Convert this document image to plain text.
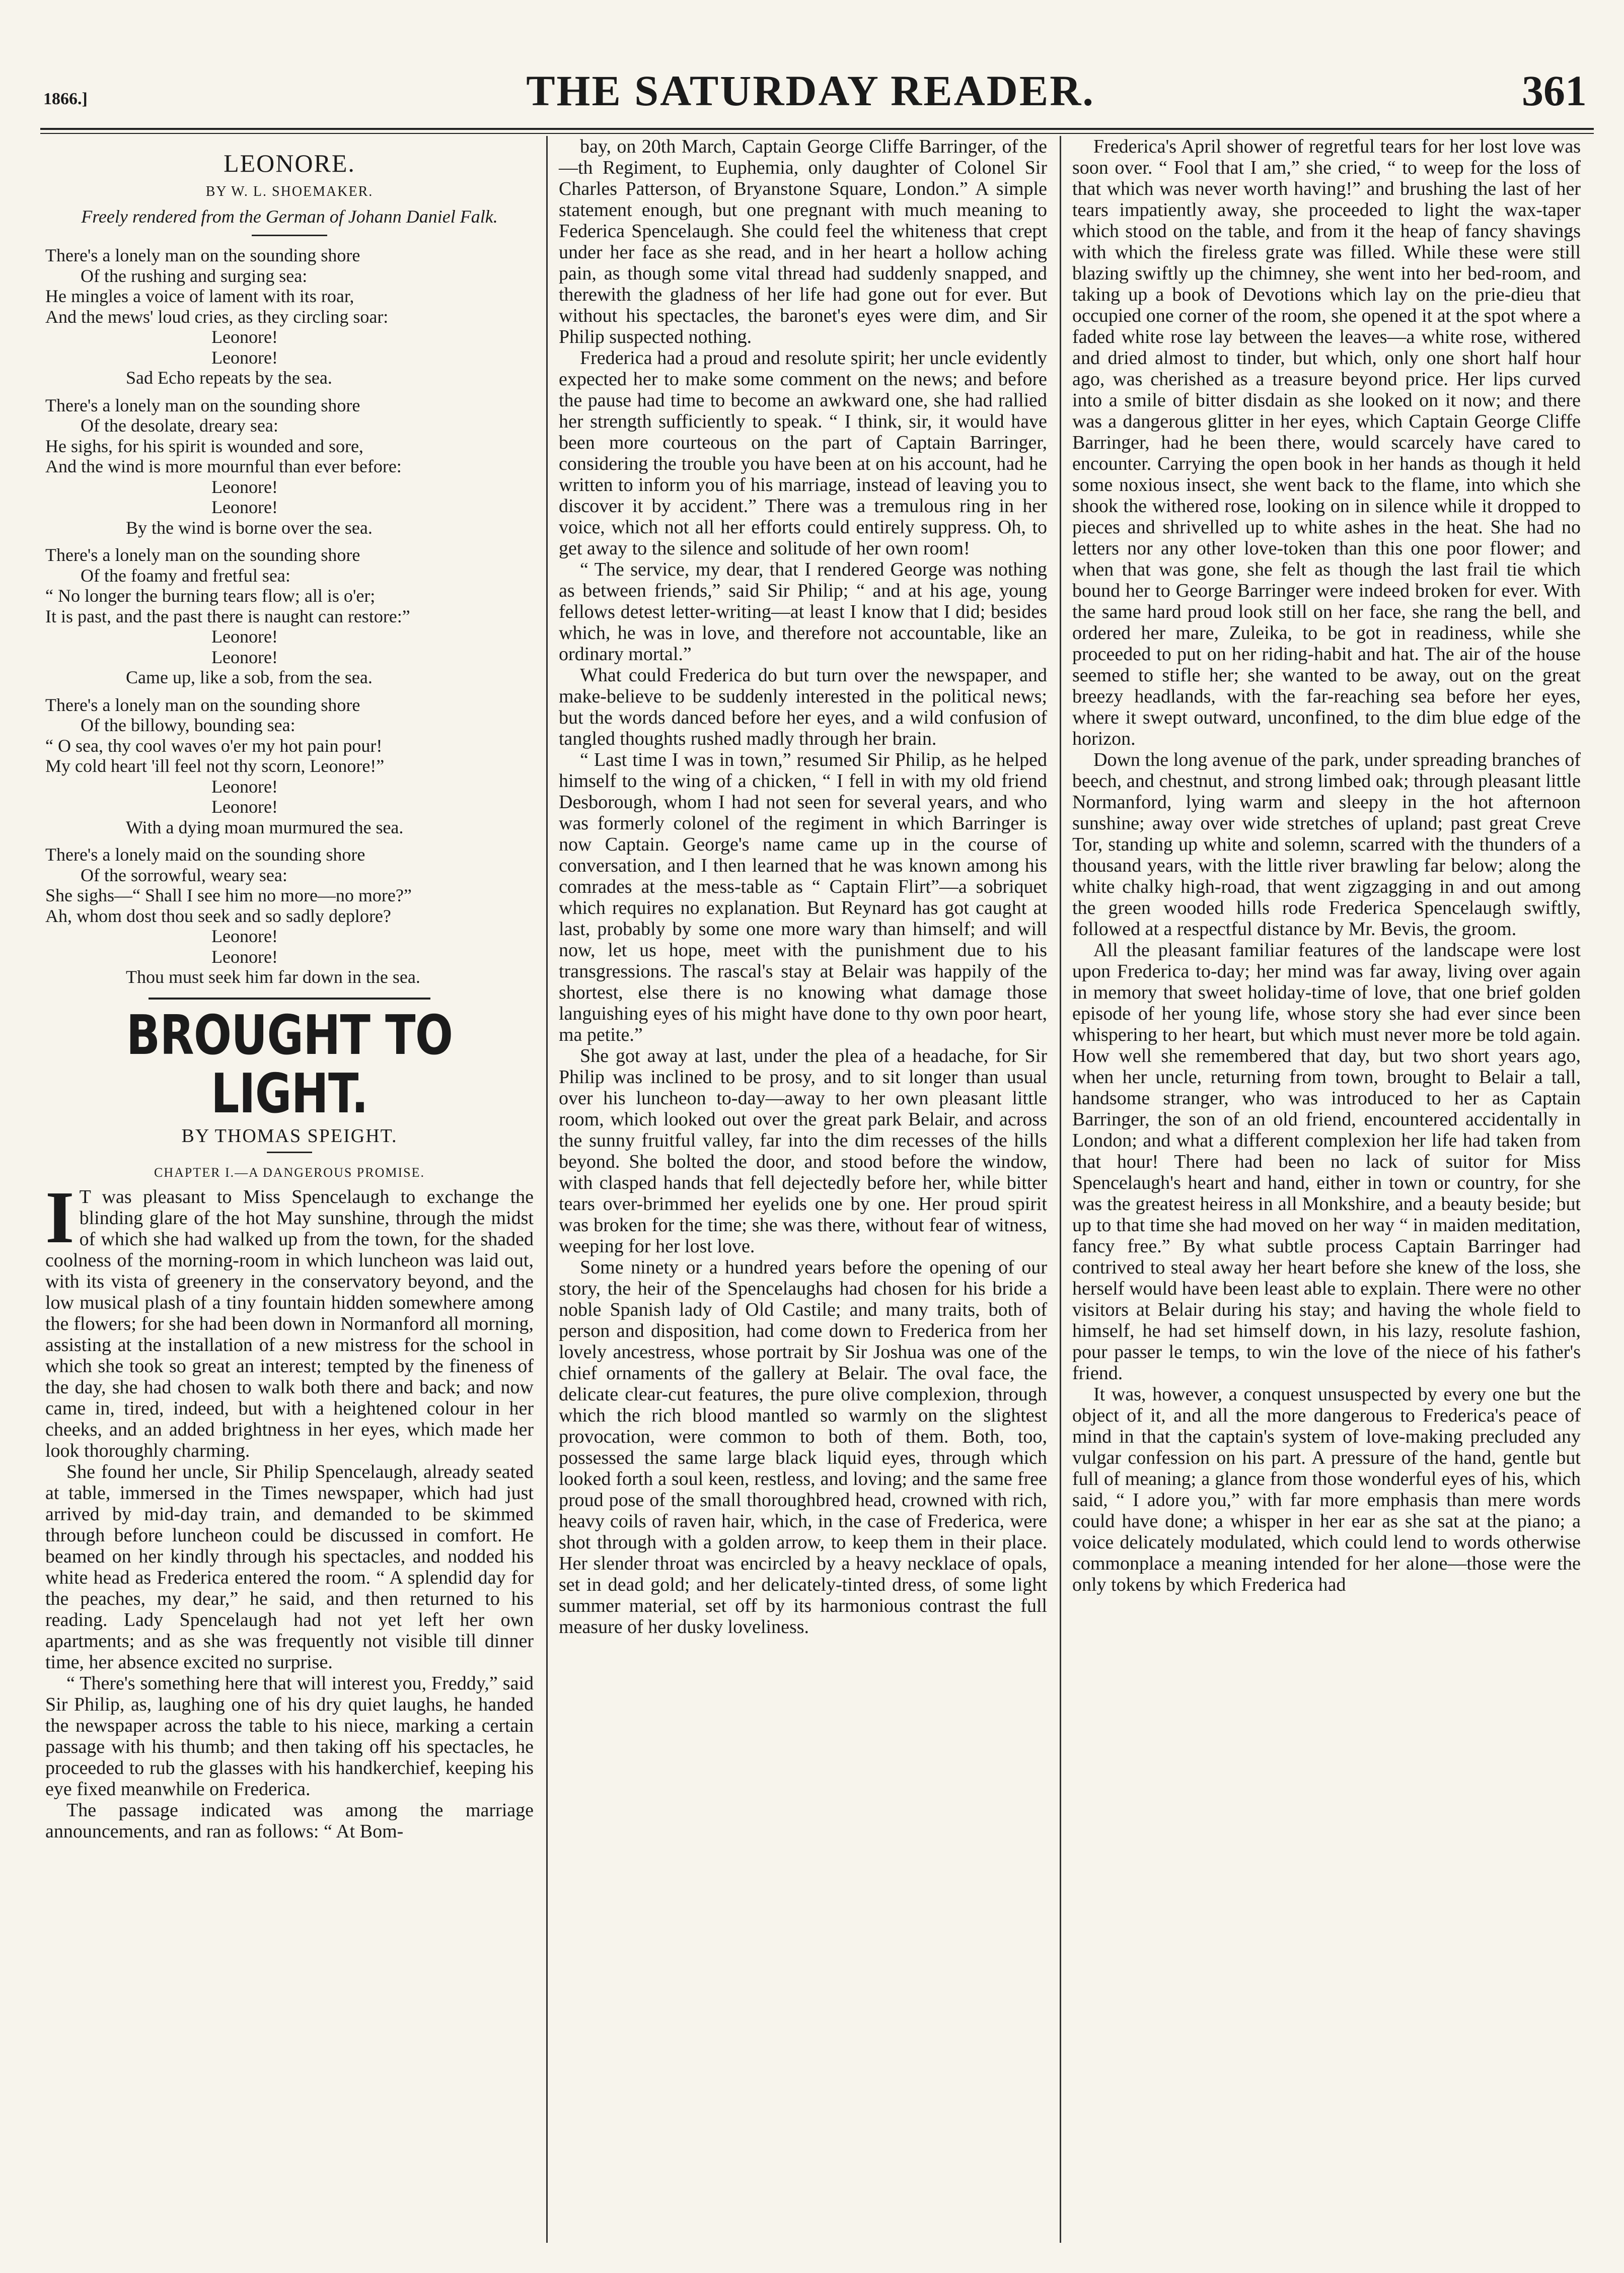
1866.]	THE SATURDAY READER.	361
LEONORE.
BY W. L. SHOEMAKER.
Freely rendered from the German of Johann Daniel Falk.
There's a lonely man on the sounding shore
Of the rushing and surging sea:
He mingles a voice of lament with its roar,
And the mews' loud cries, as they circling soar:
Leonore!
Leonore!
Sad Echo repeats by the sea.
There's a lonely man on the sounding shore
Of the desolate, dreary sea:
He sighs, for his spirit is wounded and sore,
And the wind is more mournful than ever before:
Leonore!
Leonore!
By the wind is borne over the sea.
There's a lonely man on the sounding shore
Of the foamy and fretful sea:
“ No longer the burning tears flow; all is o'er;
It is past, and the past there is naught can restore:”
Leonore!
Leonore!
Came up, like a sob, from the sea.
There's a lonely man on the sounding shore
Of the billowy, bounding sea:
“ O sea, thy cool waves o'er my hot pain pour!
My cold heart 'ill feel not thy scorn, Leonore!”
Leonore!
Leonore!
With a dying moan murmured the sea.
There's a lonely maid on the sounding shore
Of the sorrowful, weary sea:
She sighs—“ Shall I see him no more—no more?”
Ah, whom dost thou seek and so sadly deplore?
Leonore!
Leonore!
Thou must seek him far down in the sea.
BROUGHT TO LIGHT.
BY THOMAS SPEIGHT.
CHAPTER I.—A DANGEROUS PROMISE.

I T was pleasant to Miss Spencelaugh to exchange the blinding glare of the hot May sunshine, through the midst of which she had walked up from the town, for the shaded coolness of the morning-room in which luncheon was laid out, with its vista of greenery in the conservatory beyond, and the low musical plash of a tiny fountain hidden somewhere among the flowers; for she had been down in Normanford all morning, assisting at the installation of a new mistress for the school in which she took so great an interest; tempted by the fineness of the day, she had chosen to walk both there and back; and now came in, tired, indeed, but with a heightened colour in her cheeks, and an added brightness in her eyes, which made her look thoroughly charming.

She found her uncle, Sir Philip Spencelaugh, already seated at table, immersed in the Times newspaper, which had just arrived by mid-day train, and demanded to be skimmed through before luncheon could be discussed in comfort. He beamed on her kindly through his spectacles, and nodded his white head as Frederica entered the room. “ A splendid day for the peaches, my dear,” he said, and then returned to his reading. Lady Spencelaugh had not yet left her own apartments; and as she was frequently not visible till dinner time, her absence excited no surprise.

“ There's something here that will interest you, Freddy,” said Sir Philip, as, laughing one of his dry quiet laughs, he handed the newspaper across the table to his niece, marking a certain passage with his thumb; and then taking off his spectacles, he proceeded to rub the glasses with his handkerchief, keeping his eye fixed meanwhile on Frederica.

The passage indicated was among the marriage announcements, and ran as follows: “ At Bom-

bay, on 20th March, Captain George Cliffe Barringer, of the —th Regiment, to Euphemia, only daughter of Colonel Sir Charles Patterson, of Bryanstone Square, London.” A simple statement enough, but one pregnant with much meaning to Federica Spencelaugh. She could feel the whiteness that crept under her face as she read, and in her heart a hollow aching pain, as though some vital thread had suddenly snapped, and therewith the gladness of her life had gone out for ever. But without his spectacles, the baronet's eyes were dim, and Sir Philip suspected nothing.

Frederica had a proud and resolute spirit; her uncle evidently expected her to make some comment on the news; and before the pause had time to become an awkward one, she had rallied her strength sufficiently to speak. “ I think, sir, it would have been more courteous on the part of Captain Barringer, considering the trouble you have been at on his account, had he written to inform you of his marriage, instead of leaving you to discover it by accident.” There was a tremulous ring in her voice, which not all her efforts could entirely suppress. Oh, to get away to the silence and solitude of her own room!

“ The service, my dear, that I rendered George was nothing as between friends,” said Sir Philip; “ and at his age, young fellows detest letter-writing—at least I know that I did; besides which, he was in love, and therefore not accountable, like an ordinary mortal.”

What could Frederica do but turn over the newspaper, and make-believe to be suddenly interested in the political news; but the words danced before her eyes, and a wild confusion of tangled thoughts rushed madly through her brain.

“ Last time I was in town,” resumed Sir Philip, as he helped himself to the wing of a chicken, “ I fell in with my old friend Desborough, whom I had not seen for several years, and who was formerly colonel of the regiment in which Barringer is now Captain. George's name came up in the course of conversation, and I then learned that he was known among his comrades at the mess-table as “ Captain Flirt”—a sobriquet which requires no explanation. But Reynard has got caught at last, probably by some one more wary than himself; and will now, let us hope, meet with the punishment due to his transgressions. The rascal's stay at Belair was happily of the shortest, else there is no knowing what damage those languishing eyes of his might have done to thy own poor heart, ma petite.”

She got away at last, under the plea of a headache, for Sir Philip was inclined to be prosy, and to sit longer than usual over his luncheon to-day—away to her own pleasant little room, which looked out over the great park Belair, and across the sunny fruitful valley, far into the dim recesses of the hills beyond. She bolted the door, and stood before the window, with clasped hands that fell dejectedly before her, while bitter tears over-brimmed her eyelids one by one. Her proud spirit was broken for the time; she was there, without fear of witness, weeping for her lost love.

Some ninety or a hundred years before the opening of our story, the heir of the Spencelaughs had chosen for his bride a noble Spanish lady of Old Castile; and many traits, both of person and disposition, had come down to Frederica from her lovely ancestress, whose portrait by Sir Joshua was one of the chief ornaments of the gallery at Belair. The oval face, the delicate clear-cut features, the pure olive complexion, through which the rich blood mantled so warmly on the slightest provocation, were common to both of them. Both, too, possessed the same large black liquid eyes, through which looked forth a soul keen, restless, and loving; and the same free proud pose of the small thoroughbred head, crowned with rich, heavy coils of raven hair, which, in the case of Frederica, were shot through with a golden arrow, to keep them in their place. Her slender throat was encircled by a heavy necklace of opals, set in dead gold; and her delicately-tinted dress, of some light summer material, set off by its harmonious contrast the full measure of her dusky loveliness.

Frederica's April shower of regretful tears for her lost love was soon over. “ Fool that I am,” she cried, “ to weep for the loss of that which was never worth having!” and brushing the last of her tears impatiently away, she proceeded to light the wax-taper which stood on the table, and from it the heap of fancy shavings with which the fireless grate was filled. While these were still blazing swiftly up the chimney, she went into her bed-room, and taking up a book of Devotions which lay on the prie-dieu that occupied one corner of the room, she opened it at the spot where a faded white rose lay between the leaves—a white rose, withered and dried almost to tinder, but which, only one short half hour ago, was cherished as a treasure beyond price. Her lips curved into a smile of bitter disdain as she looked on it now; and there was a dangerous glitter in her eyes, which Captain George Cliffe Barringer, had he been there, would scarcely have cared to encounter. Carrying the open book in her hands as though it held some noxious insect, she went back to the flame, into which she shook the withered rose, looking on in silence while it dropped to pieces and shrivelled up to white ashes in the heat. She had no letters nor any other love-token than this one poor flower; and when that was gone, she felt as though the last frail tie which bound her to George Barringer were indeed broken for ever. With the same hard proud look still on her face, she rang the bell, and ordered her mare, Zuleika, to be got in readiness, while she proceeded to put on her riding-habit and hat. The air of the house seemed to stifle her; she wanted to be away, out on the great breezy headlands, with the far-reaching sea before her eyes, where it swept outward, unconfined, to the dim blue edge of the horizon.

Down the long avenue of the park, under spreading branches of beech, and chestnut, and strong limbed oak; through pleasant little Normanford, lying warm and sleepy in the hot afternoon sunshine; away over wide stretches of upland; past great Creve Tor, standing up white and solemn, scarred with the thunders of a thousand years, with the little river brawling far below; along the white chalky high-road, that went zigzagging in and out among the green wooded hills rode Frederica Spencelaugh swiftly, followed at a respectful distance by Mr. Bevis, the groom.

All the pleasant familiar features of the landscape were lost upon Frederica to-day; her mind was far away, living over again in memory that sweet holiday-time of love, that one brief golden episode of her young life, whose story she had ever since been whispering to her heart, but which must never more be told again. How well she remembered that day, but two short years ago, when her uncle, returning from town, brought to Belair a tall, handsome stranger, who was introduced to her as Captain Barringer, the son of an old friend, encountered accidentally in London; and what a different complexion her life had taken from that hour! There had been no lack of suitor for Miss Spencelaugh's heart and hand, either in town or country, for she was the greatest heiress in all Monkshire, and a beauty beside; but up to that time she had moved on her way “ in maiden meditation, fancy free.” By what subtle process Captain Barringer had contrived to steal away her heart before she knew of the loss, she herself would have been least able to explain. There were no other visitors at Belair during his stay; and having the whole field to himself, he had set himself down, in his lazy, resolute fashion, pour passer le temps, to win the love of the niece of his father's friend.

It was, however, a conquest unsuspected by every one but the object of it, and all the more dangerous to Frederica's peace of mind in that the captain's system of love-making precluded any vulgar confession on his part. A pressure of the hand, gentle but full of meaning; a glance from those wonderful eyes of his, which said, “ I adore you,” with far more emphasis than mere words could have done; a whisper in her ear as she sat at the piano; a voice delicately modulated, which could lend to words otherwise commonplace a meaning intended for her alone—those were the only tokens by which Frederica had
